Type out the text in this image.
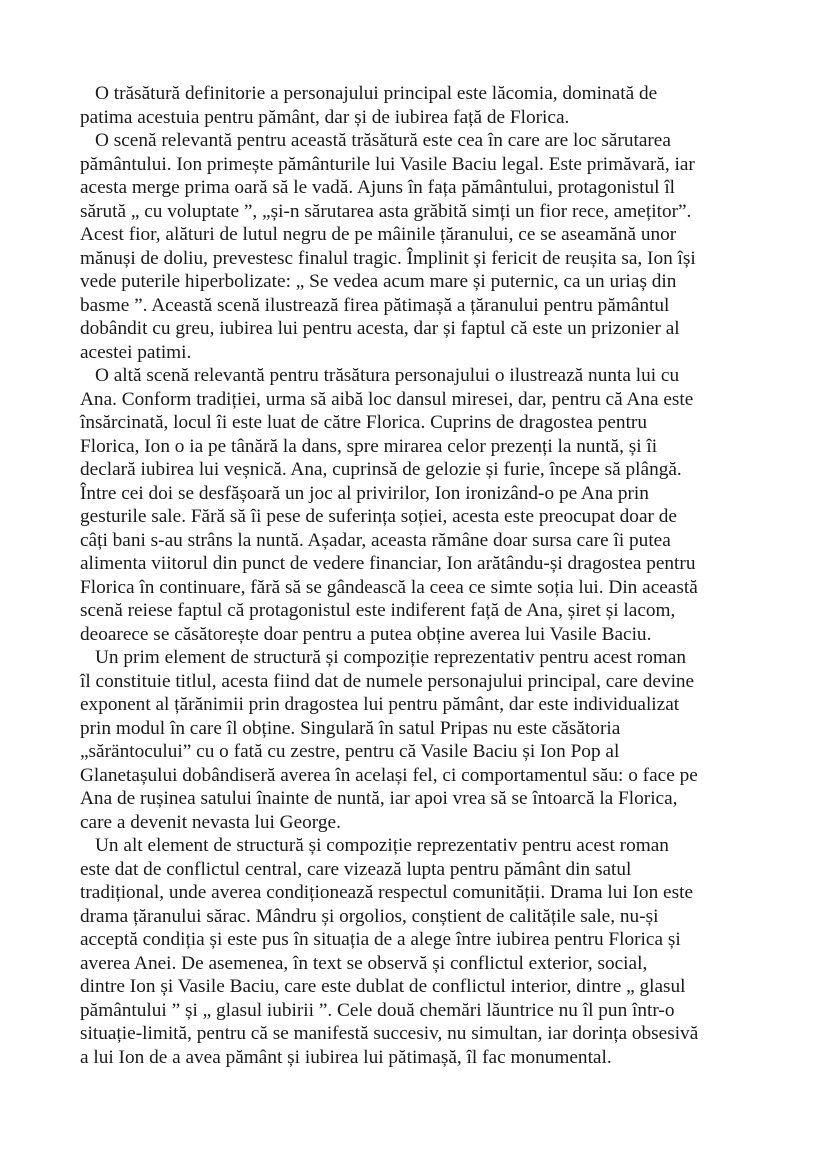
O trăsătură definitorie a personajului principal este lăcomia, dominată de
patima acestuia pentru pământ, dar și de iubirea față de Florica.
O scenă relevantă pentru această trăsătură este cea în care are loc sărutarea
pământului. Ion primește pământurile lui Vasile Baciu legal. Este primăvară, iar
acesta merge prima oară să le vadă. Ajuns în fața pământului, protagonistul îl
sărută „ cu voluptate ”, „și-n sărutarea asta grăbită simți un fior rece, amețitor”.
Acest fior, alături de lutul negru de pe mâinile țăranului, ce se aseamănă unor
mănuși de doliu, prevestesc finalul tragic. Împlinit și fericit de reușita sa, Ion își
vede puterile hiperbolizate: „ Se vedea acum mare și puternic, ca un uriaș din
basme ”. Această scenă ilustrează firea pătimașă a țăranului pentru pământul
dobândit cu greu, iubirea lui pentru acesta, dar și faptul că este un prizonier al
acestei patimi.
O altă scenă relevantă pentru trăsătura personajului o ilustrează nunta lui cu
Ana. Conform tradiției, urma să aibă loc dansul miresei, dar, pentru că Ana este
însărcinată, locul îi este luat de către Florica. Cuprins de dragostea pentru
Florica, Ion o ia pe tânără la dans, spre mirarea celor prezenți la nuntă, și îi
declară iubirea lui veșnică. Ana, cuprinsă de gelozie și furie, începe să plângă.
Între cei doi se desfășoară un joc al privirilor, Ion ironizând-o pe Ana prin
gesturile sale. Fără să îi pese de suferința soției, acesta este preocupat doar de
câți bani s-au strâns la nuntă. Așadar, aceasta rămâne doar sursa care îi putea
alimenta viitorul din punct de vedere financiar, Ion arătându-și dragostea pentru
Florica în continuare, fără să se gândească la ceea ce simte soția lui. Din această
scenă reiese faptul că protagonistul este indiferent față de Ana, șiret și lacom,
deoarece se căsătorește doar pentru a putea obține averea lui Vasile Baciu.
Un prim element de structură și compoziție reprezentativ pentru acest roman
îl constituie titlul, acesta fiind dat de numele personajului principal, care devine
exponent al țărănimii prin dragostea lui pentru pământ, dar este individualizat
prin modul în care îl obține. Singulară în satul Pripas nu este căsătoria
„săräntocului” cu o fată cu zestre, pentru că Vasile Baciu și Ion Pop al
Glanetașului dobândiseră averea în același fel, ci comportamentul său: o face pe
Ana de rușinea satului înainte de nuntă, iar apoi vrea să se întoarcă la Florica,
care a devenit nevasta lui George.
Un alt element de structură și compoziție reprezentativ pentru acest roman
este dat de conflictul central, care vizează lupta pentru pământ din satul
tradițional, unde averea condiționează respectul comunității. Drama lui Ion este
drama țăranului sărac. Mândru și orgolios, conștient de calitățile sale, nu-și
acceptă condiția și este pus în situația de a alege între iubirea pentru Florica și
averea Anei. De asemenea, în text se observă și conflictul exterior, social,
dintre Ion și Vasile Baciu, care este dublat de conflictul interior, dintre „ glasul
pământului ” și „ glasul iubirii ”. Cele două chemări lăuntrice nu îl pun într-o
situație-limită, pentru că se manifestă succesiv, nu simultan, iar dorința obsesivă
a lui Ion de a avea pământ și iubirea lui pătimașă, îl fac monumental.
